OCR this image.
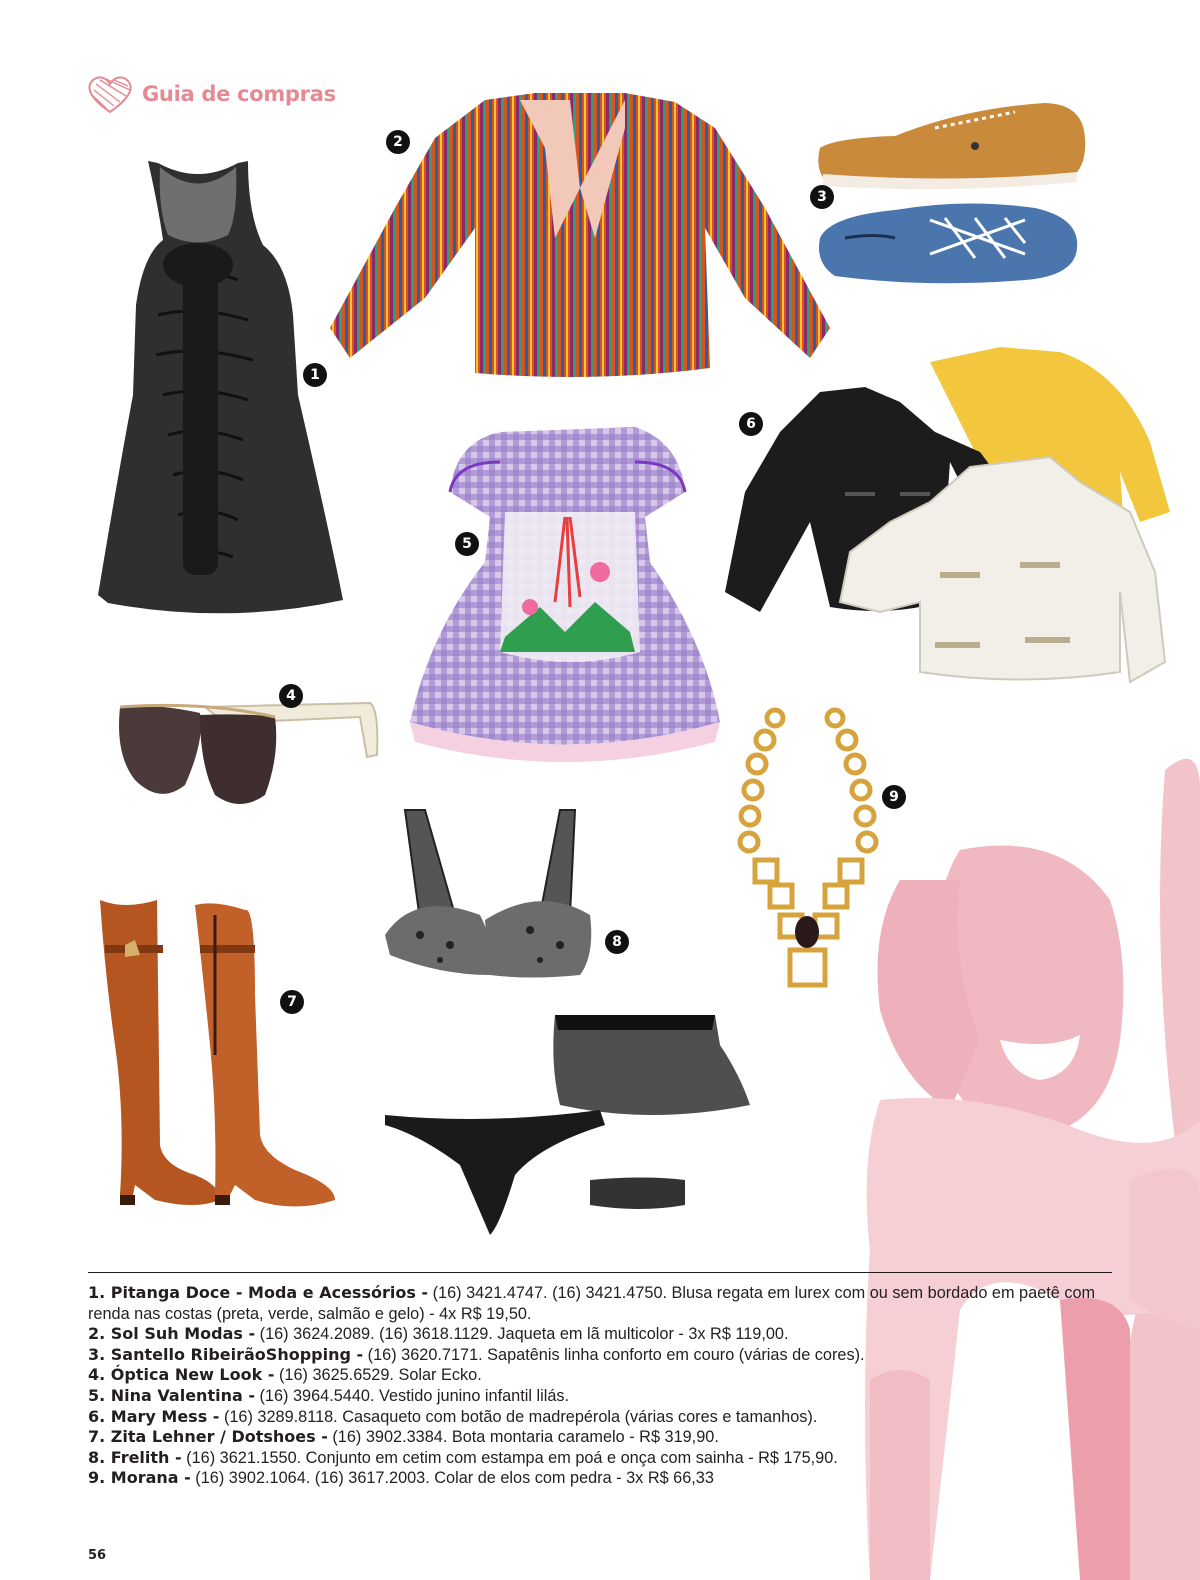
Guia de compras
1
2
3
6
5
4
9
8
7
1. Pitanga Doce - Moda e Acessórios - (16) 3421.4747. (16) 3421.4750. Blusa regata em lurex com ou sem bordado em paetê com renda nas costas (preta, verde, salmão e gelo) - 4x R$ 19,50.
2. Sol Suh Modas - (16) 3624.2089. (16) 3618.1129. Jaqueta em lã multicolor - 3x R$ 119,00.
3. Santello RibeirãoShopping - (16) 3620.7171. Sapatênis linha conforto em couro (várias de cores).
4. Óptica New Look - (16) 3625.6529. Solar Ecko.
5. Nina Valentina - (16) 3964.5440. Vestido junino infantil lilás.
6. Mary Mess - (16) 3289.8118. Casaqueto com botão de madrepérola (várias cores e tamanhos).
7. Zita Lehner / Dotshoes - (16) 3902.3384. Bota montaria caramelo - R$ 319,90.
8. Frelith - (16) 3621.1550. Conjunto em cetim com estampa em poá e onça com sainha - R$ 175,90.
9. Morana - (16) 3902.1064. (16) 3617.2003. Colar de elos com pedra - 3x R$ 66,33
56
